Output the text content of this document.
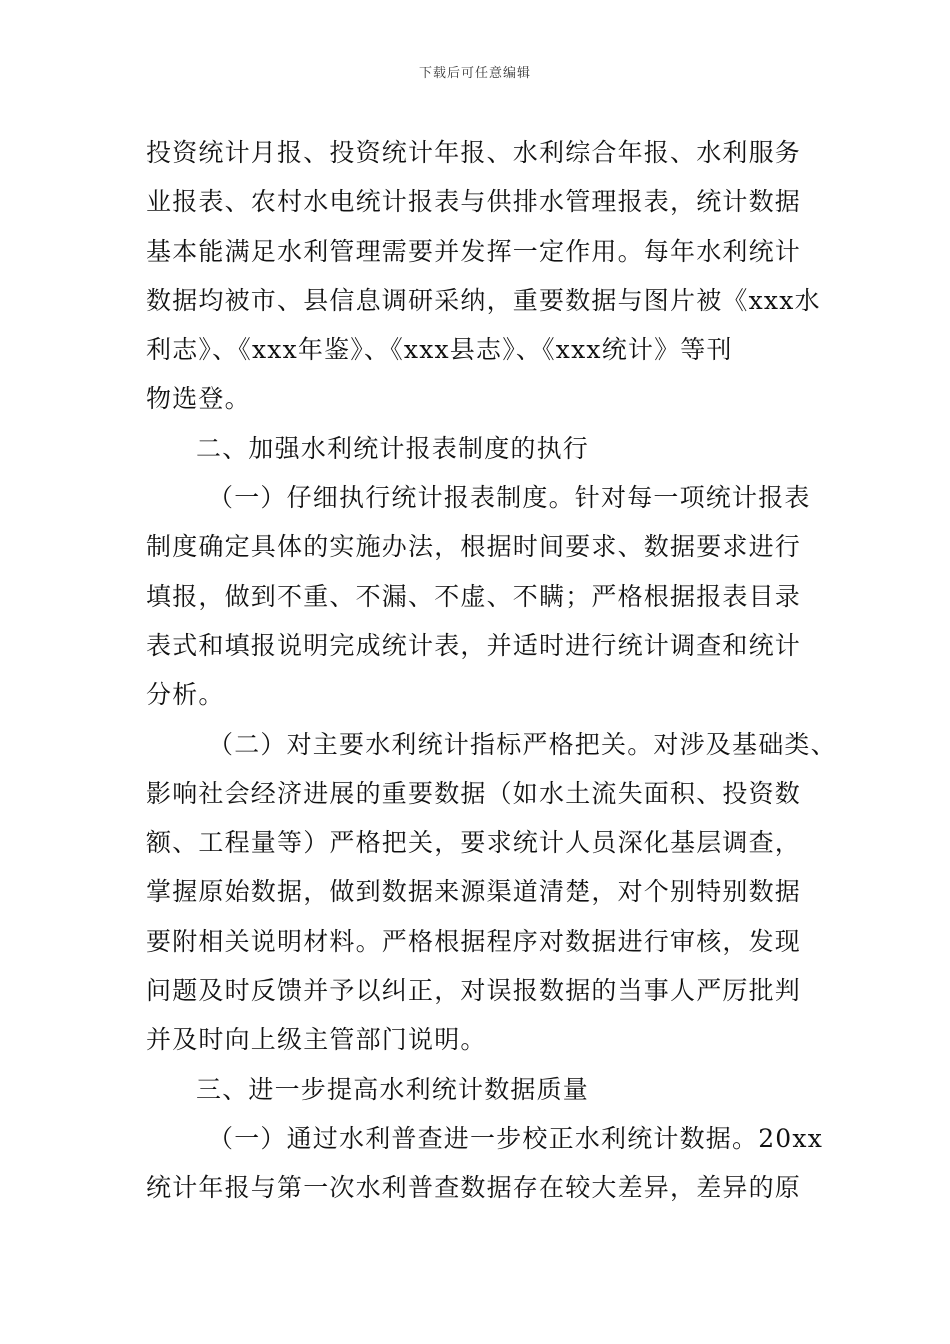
下载后可任意编辑
投资统计月报、投资统计年报、水利综合年报、水利服务
业报表、农村水电统计报表与供排水管理报表，统计数据
基本能满足水利管理需要并发挥一定作用。每年水利统计
数据均被市、县信息调研采纳，重要数据与图片被《xxx水
利志》、《xxx年鉴》、《xxx县志》、《xxx统计》等刊
物选登。
二、加强水利统计报表制度的执行
（一）仔细执行统计报表制度。针对每一项统计报表
制度确定具体的实施办法，根据时间要求、数据要求进行
填报，做到不重、不漏、不虚、不瞒；严格根据报表目录
表式和填报说明完成统计表，并适时进行统计调查和统计
分析。
（二）对主要水利统计指标严格把关。对涉及基础类、
影响社会经济进展的重要数据（如水土流失面积、投资数
额、工程量等）严格把关，要求统计人员深化基层调查，
掌握原始数据，做到数据来源渠道清楚，对个别特别数据
要附相关说明材料。严格根据程序对数据进行审核，发现
问题及时反馈并予以纠正，对误报数据的当事人严厉批判
并及时向上级主管部门说明。
三、进一步提高水利统计数据质量
（一）通过水利普查进一步校正水利统计数据。20xx
统计年报与第一次水利普查数据存在较大差异，差异的原
